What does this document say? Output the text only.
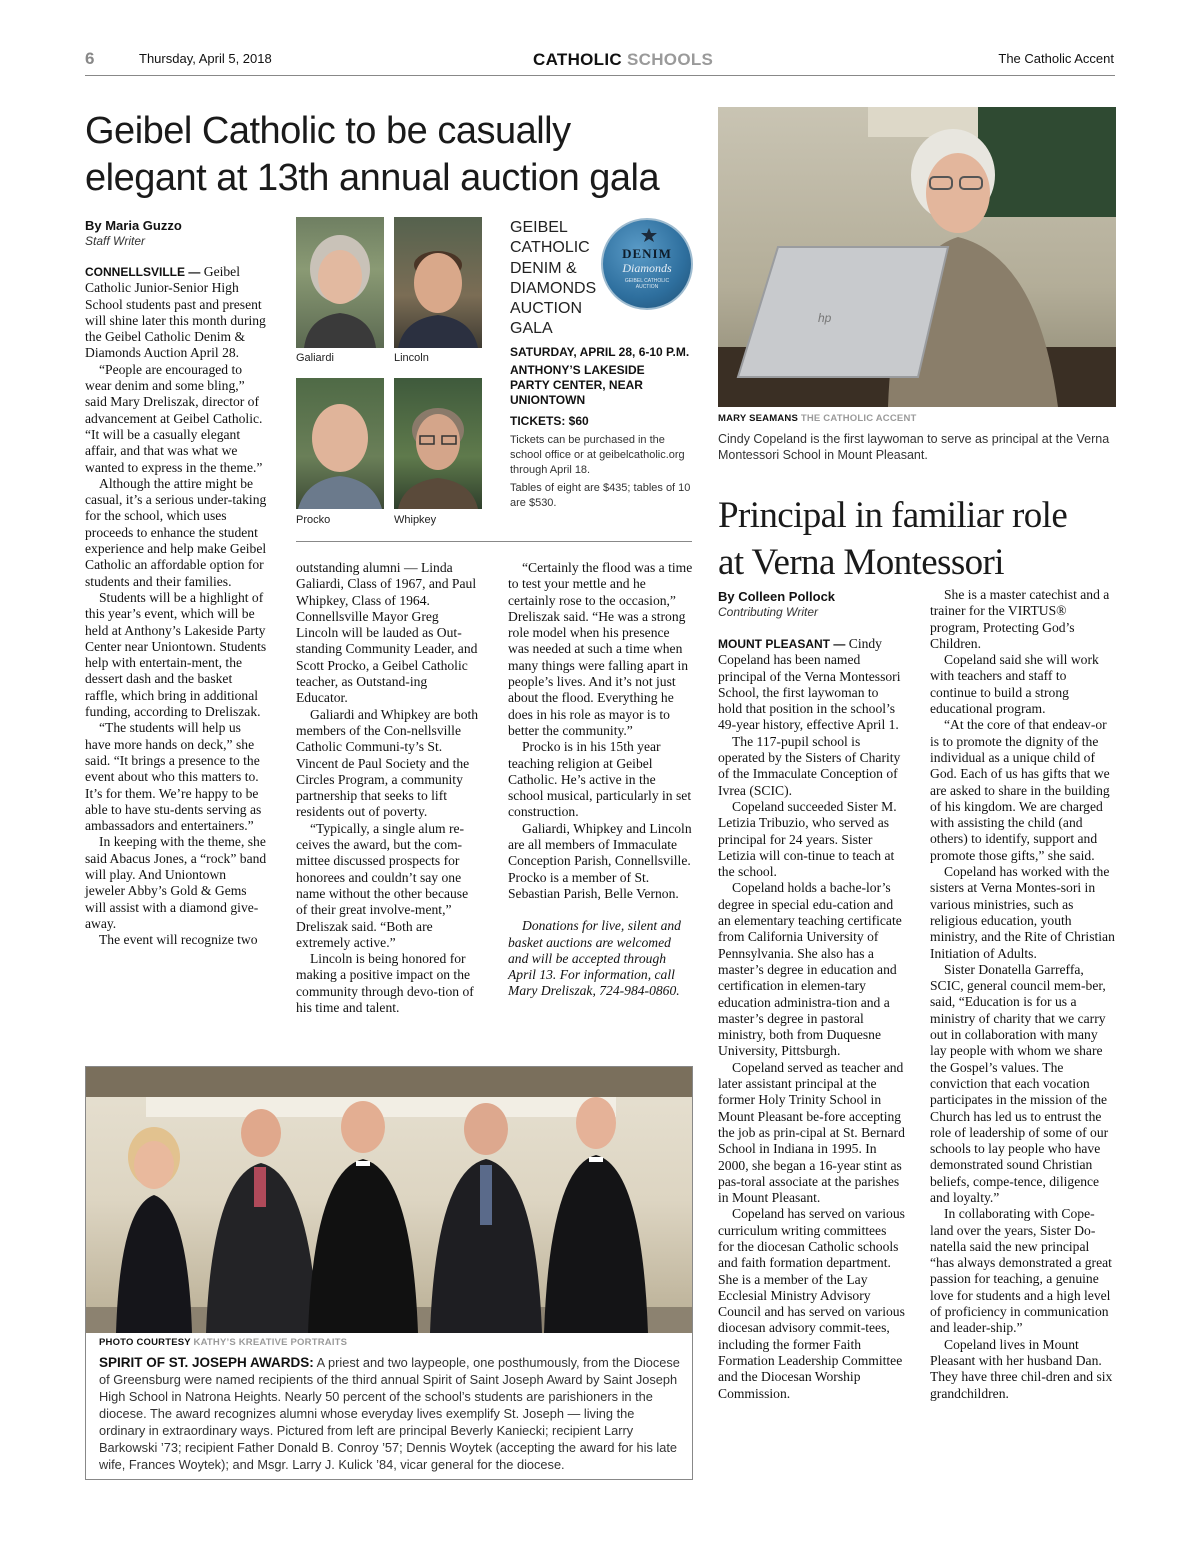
6	Thursday, April 5, 2018	CATHOLIC SCHOOLS	The Catholic Accent
Geibel Catholic to be casually
elegant at 13th annual auction gala
By Maria Guzzo
Staff Writer

CONNELLSVILLE — Geibel Catholic Junior-Senior High School students past and present will shine later this month during the Geibel Catholic Denim & Diamonds Auction April 28.

“People are encouraged to wear denim and some bling,” said Mary Dreliszak, director of advancement at Geibel Catholic. “It will be a casually elegant affair, and that was what we wanted to express in the theme.”

Although the attire might be casual, it’s a serious under-taking for the school, which uses proceeds to enhance the student experience and help make Geibel Catholic an affordable option for students and their families.

Students will be a highlight of this year’s event, which will be held at Anthony’s Lakeside Party Center near Uniontown. Students help with entertain-ment, the dessert dash and the basket raffle, which bring in additional funding, according to Dreliszak.

“The students will help us have more hands on deck,” she said. “It brings a presence to the event about who this matters to. It’s for them. We’re happy to be able to have stu-dents serving as ambassadors and entertainers.”

In keeping with the theme, she said Abacus Jones, a “rock” band will play. And Uniontown jeweler Abby’s Gold & Gems will assist with a diamond give-away.

The event will recognize two

Galiardi	Lincoln
Procko	Whipkey
GEIBEL
CATHOLIC
DENIM &
DIAMONDS
AUCTION
GALA
DENIM
Diamonds
GEIBEL CATHOLIC AUCTION
SATURDAY, APRIL 28, 6-10 P.M.
ANTHONY’S LAKESIDE PARTY CENTER, NEAR UNIONTOWN
TICKETS: $60
Tickets can be purchased in the school office or at geibelcatholic.org through April 18.
Tables of eight are $435; tables of 10 are $530.

outstanding alumni — Linda Galiardi, Class of 1967, and Paul Whipkey, Class of 1964. Connellsville Mayor Greg Lincoln will be lauded as Out-standing Community Leader, and Scott Procko, a Geibel Catholic teacher, as Outstand-ing Educator.

Galiardi and Whipkey are both members of the Con-nellsville Catholic Communi-ty’s St. Vincent de Paul Society and the Circles Program, a community partnership that seeks to lift residents out of poverty.

“Typically, a single alum re-ceives the award, but the com-mittee discussed prospects for honorees and couldn’t say one name without the other because of their great involve-ment,” Dreliszak said. “Both are extremely active.”

Lincoln is being honored for making a positive impact on the community through devo-tion of his time and talent.

“Certainly the flood was a time to test your mettle and he certainly rose to the occasion,” Dreliszak said. “He was a strong role model when his presence was needed at such a time when many things were falling apart in people’s lives. And it’s not just about the flood. Everything he does in his role as mayor is to better the community.”

Procko is in his 15th year teaching religion at Geibel Catholic. He’s active in the school musical, particularly in set construction.

Galiardi, Whipkey and Lincoln are all members of Immaculate Conception Parish, Connellsville. Procko is a member of St. Sebastian Parish, Belle Vernon.

Donations for live, silent and basket auctions are welcomed and will be accepted through April 13. For information, call Mary Dreliszak, 724-984-0860.

hp
MARY SEAMANS THE CATHOLIC ACCENT
Cindy Copeland is the first laywoman to serve as principal at the Verna Montessori School in Mount Pleasant.
Principal in familiar role
at Verna Montessori
By Colleen Pollock
Contributing Writer

MOUNT PLEASANT — Cindy Copeland has been named principal of the Verna Montessori School, the first laywoman to hold that position in the school’s 49-year history, effective April 1.

The 117-pupil school is operated by the Sisters of Charity of the Immaculate Conception of Ivrea (SCIC).

Copeland succeeded Sister M. Letizia Tribuzio, who served as principal for 24 years. Sister Letizia will con-tinue to teach at the school.

Copeland holds a bache-lor’s degree in special edu-cation and an elementary teaching certificate from California University of Pennsylvania. She also has a master’s degree in education and certification in elemen-tary education administra-tion and a master’s degree in pastoral ministry, both from Duquesne University, Pittsburgh.

Copeland served as teacher and later assistant principal at the former Holy Trinity School in Mount Pleasant be-fore accepting the job as prin-cipal at St. Bernard School in Indiana in 1995. In 2000, she began a 16-year stint as pas-toral associate at the parishes in Mount Pleasant.

Copeland has served on various curriculum writing committees for the diocesan Catholic schools and faith formation department. She is a member of the Lay Ecclesial Ministry Advisory Council and has served on various diocesan advisory commit-tees, including the former Faith Formation Leadership Committee and the Diocesan Worship Commission.

She is a master catechist and a trainer for the VIRTUS® program, Protecting God’s Children.

Copeland said she will work with teachers and staff to continue to build a strong educational program.

“At the core of that endeav-or is to promote the dignity of the individual as a unique child of God. Each of us has gifts that we are asked to share in the building of his kingdom. We are charged with assisting the child (and others) to identify, support and promote those gifts,” she said.

Copeland has worked with the sisters at Verna Montes-sori in various ministries, such as religious education, youth ministry, and the Rite of Christian Initiation of Adults.

Sister Donatella Garreffa, SCIC, general council mem-ber, said, “Education is for us a ministry of charity that we carry out in collaboration with many lay people with whom we share the Gospel’s values. The conviction that each vocation participates in the mission of the Church has led us to entrust the role of leadership of some of our schools to lay people who have demonstrated sound Christian beliefs, compe-tence, diligence and loyalty.”

In collaborating with Cope-land over the years, Sister Do-natella said the new principal “has always demonstrated a great passion for teaching, a genuine love for students and a high level of proficiency in communication and leader-ship.”

Copeland lives in Mount Pleasant with her husband Dan. They have three chil-dren and six grandchildren.

PHOTO COURTESY KATHY’S KREATIVE PORTRAITS
SPIRIT OF ST. JOSEPH AWARDS: A priest and two laypeople, one posthumously, from the Diocese of Greensburg were named recipients of the third annual Spirit of Saint Joseph Award by Saint Joseph High School in Natrona Heights. Nearly 50 percent of the school’s students are parishioners in the diocese. The award recognizes alumni whose everyday lives exemplify St. Joseph — living the ordinary in extraordinary ways. Pictured from left are principal Beverly Kaniecki; recipient Larry Barkowski ’73; recipient Father Donald B. Conroy ’57; Dennis Woytek (accepting the award for his late wife, Frances Woytek); and Msgr. Larry J. Kulick ’84, vicar general for the diocese.
